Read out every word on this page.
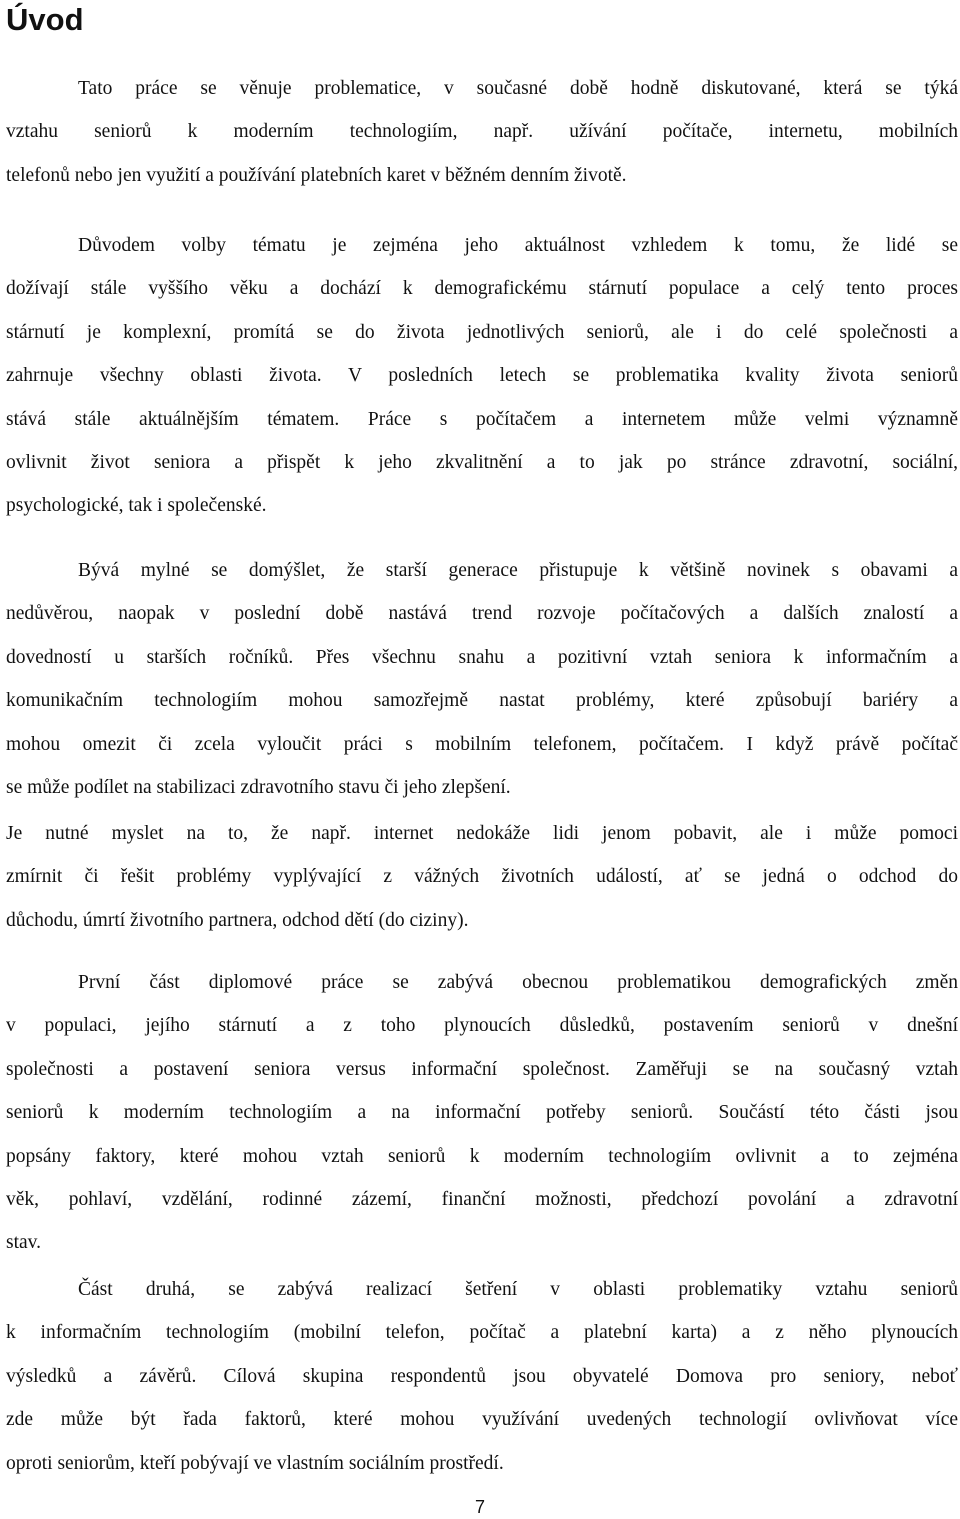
Úvod

Tato práce se věnuje problematice, v současné době hodně diskutované, která se týká
vztahu seniorů k moderním technologiím, např. užívání počítače, internetu, mobilních
telefonů nebo jen využití a používání platebních karet v běžném denním životě.

Důvodem volby tématu je zejména jeho aktuálnost vzhledem k tomu, že lidé se
dožívají stále vyššího věku a dochází k demografickému stárnutí populace a celý tento proces
stárnutí je komplexní, promítá se do života jednotlivých seniorů, ale i do celé společnosti a
zahrnuje všechny oblasti života. V posledních letech se problematika kvality života seniorů
stává stále aktuálnějším tématem. Práce s počítačem a internetem může velmi významně
ovlivnit život seniora a přispět k jeho zkvalitnění a to jak po stránce zdravotní, sociální,
psychologické, tak i společenské.

Bývá mylné se domýšlet, že starší generace přistupuje k většině novinek s obavami a
nedůvěrou, naopak v poslední době nastává trend rozvoje počítačových a dalších znalostí a
dovedností u starších ročníků. Přes všechnu snahu a pozitivní vztah seniora k informačním a
komunikačním technologiím mohou samozřejmě nastat problémy, které způsobují bariéry a
mohou omezit či zcela vyloučit práci s mobilním telefonem, počítačem. I když právě počítač
se může podílet na stabilizaci zdravotního stavu či jeho zlepšení.

Je nutné myslet na to, že např. internet nedokáže lidi jenom pobavit, ale i může pomoci
zmírnit či řešit problémy vyplývající z vážných životních událostí, ať se jedná o odchod do
důchodu, úmrtí životního partnera, odchod dětí (do ciziny).

První část diplomové práce se zabývá obecnou problematikou demografických změn
v populaci, jejího stárnutí a z toho plynoucích důsledků, postavením seniorů v dnešní
společnosti a postavení seniora versus informační společnost. Zaměřuji se na současný vztah
seniorů k moderním technologiím a na informační potřeby seniorů. Součástí této části jsou
popsány faktory, které mohou vztah seniorů k moderním technologiím ovlivnit a to zejména
věk, pohlaví, vzdělání, rodinné zázemí, finanční možnosti, předchozí povolání a zdravotní
stav.

Část druhá, se zabývá realizací šetření v oblasti problematiky vztahu seniorů
k informačním technologiím (mobilní telefon, počítač a platební karta) a z něho plynoucích
výsledků a závěrů. Cílová skupina respondentů jsou obyvatelé Domova pro seniory, neboť
zde může být řada faktorů, které mohou využívání uvedených technologií ovlivňovat více
oproti seniorům, kteří pobývají ve vlastním sociálním prostředí.

7
